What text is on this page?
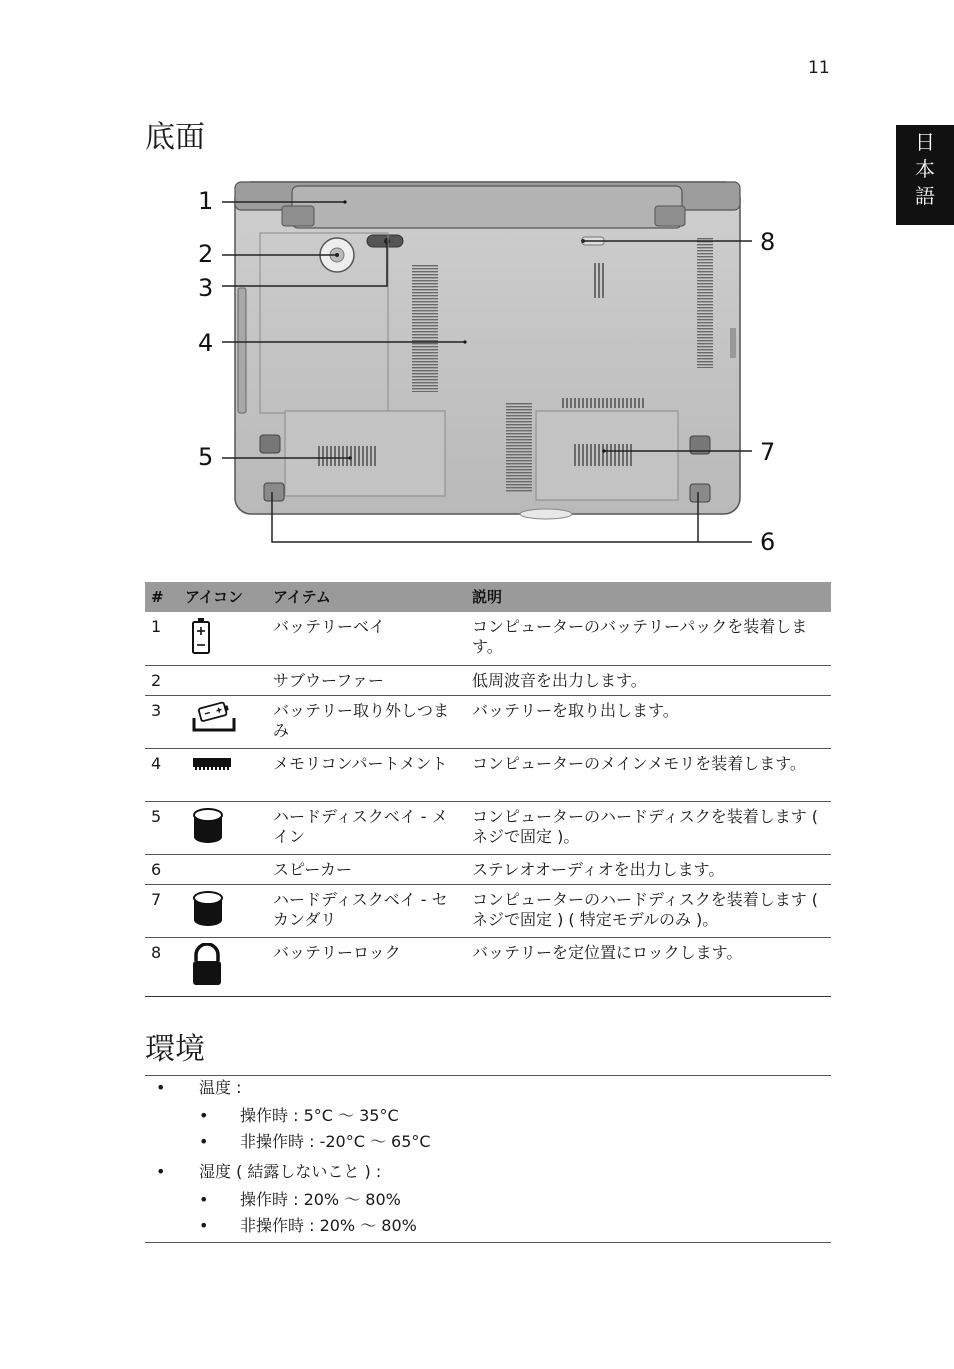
11
日
本
語
底面
1
2
3
4
5
6
7
8
#	アイコン	アイテム	説明
1		バッテリーベイ	コンピューターのバッテリーパックを装着します。
2		サブウーファー	低周波音を出力します。
3		バッテリー取り外しつまみ	バッテリーを取り出します。
4		メモリコンパートメント	コンピューターのメインメモリを装着します。
5		ハードディスクベイ - メイン	コンピューターのハードディスクを装着します ( ネジで固定 )。
6		スピーカー	ステレオオーディオを出力します。
7		ハードディスクベイ - セカンダリ	コンピューターのハードディスクを装着します ( ネジで固定 ) ( 特定モデルのみ )。
8		バッテリーロック	バッテリーを定位置にロックします。
環境
• 温度 :
• 操作時 : 5°C ～ 35°C
• 非操作時 : -20°C ～ 65°C
• 湿度 ( 結露しないこと ) :
• 操作時 : 20% ～ 80%
• 非操作時 : 20% ～ 80%
